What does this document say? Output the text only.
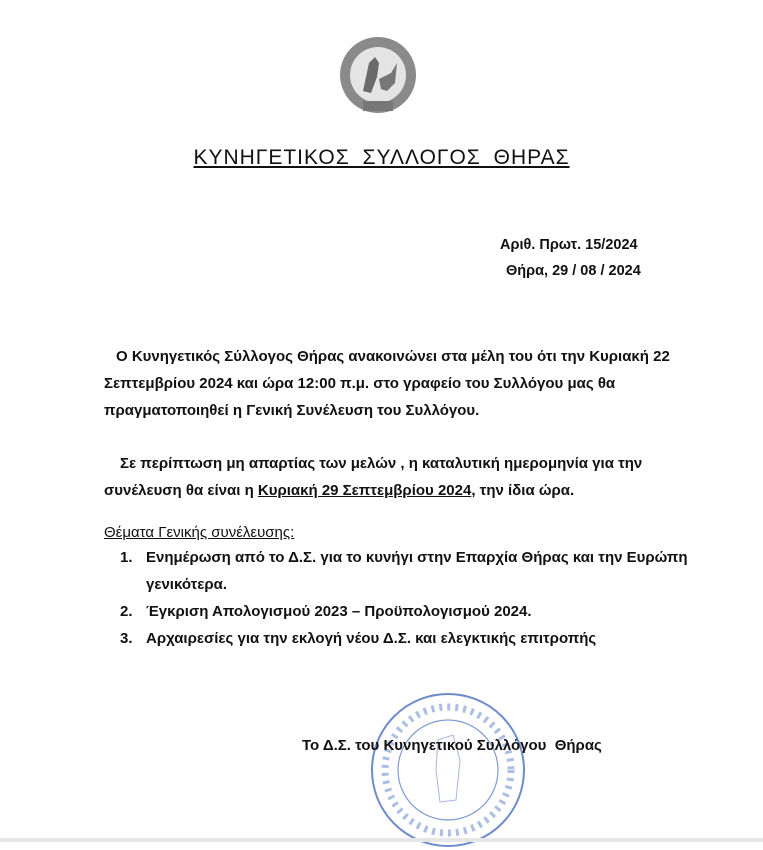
ΚΥΝΗΓΕΤΙΚΟΣ ΣΥΛΛΟΓΟΣ ΘΗΡΑΣ
Αριθ. Πρωτ. 15/2024
Θήρα, 29 / 08 / 2024

Ο Κυνηγετικός Σύλλογος Θήρας ανακοινώνει στα μέλη του ότι την Κυριακή 22 Σεπτεμβρίου 2024 και ώρα 12:00 π.μ. στο γραφείο του Συλλόγου μας θα πραγματοποιηθεί η Γενική Συνέλευση του Συλλόγου.

Σε περίπτωση μη απαρτίας των μελών , η καταλυτική ημερομηνία για την συνέλευση θα είναι η Κυριακή 29 Σεπτεμβρίου 2024, την ίδια ώρα.

Θέματα Γενικής συνέλευσης:
1. Ενημέρωση από το Δ.Σ. για το κυνήγι στην Επαρχία Θήρας και την Ευρώπη γενικότερα.
2. Έγκριση Απολογισμού 2023 – Προϋπολογισμού 2024.
3. Αρχαιρεσίες για την εκλογή νέου Δ.Σ. και ελεγκτικής επιτροπής
Το Δ.Σ. του Κυνηγετικού Συλλόγου  Θήρας
